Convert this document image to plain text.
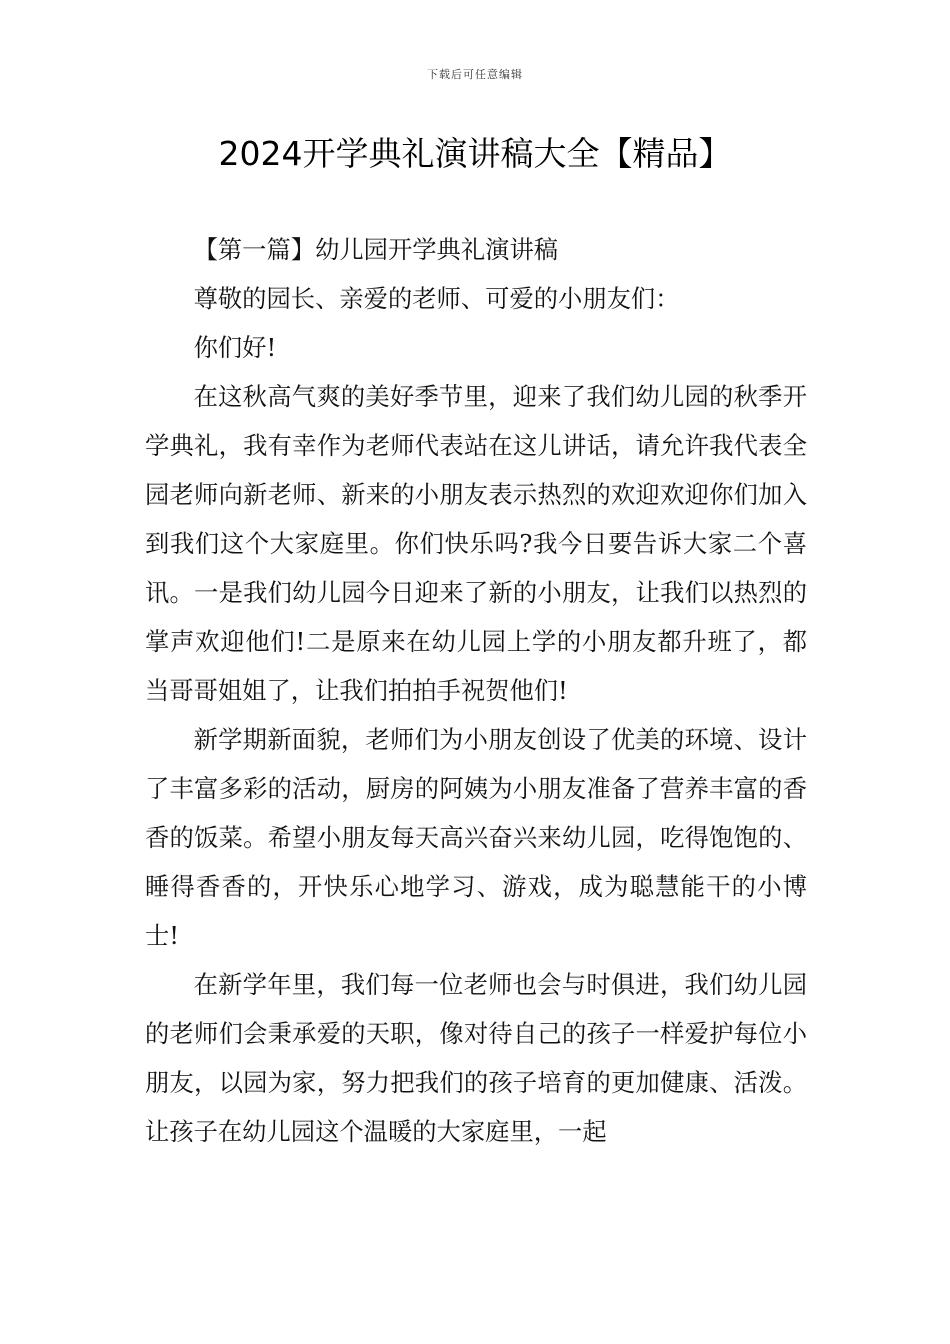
下载后可任意编辑
2024开学典礼演讲稿大全【精品】

【第一篇】幼儿园开学典礼演讲稿

尊敬的园长、亲爱的老师、可爱的小朋友们：

你们好!

在这秋高气爽的美好季节里，迎来了我们幼儿园的秋季开学典礼，我有幸作为老师代表站在这儿讲话，请允许我代表全园老师向新老师、新来的小朋友表示热烈的欢迎欢迎你们加入到我们这个大家庭里。你们快乐吗?我今日要告诉大家二个喜讯。一是我们幼儿园今日迎来了新的小朋友，让我们以热烈的掌声欢迎他们!二是原来在幼儿园上学的小朋友都升班了，都当哥哥姐姐了，让我们拍拍手祝贺他们!

新学期新面貌，老师们为小朋友创设了优美的环境、设计了丰富多彩的活动，厨房的阿姨为小朋友准备了营养丰富的香香的饭菜。希望小朋友每天高兴奋兴来幼儿园，吃得饱饱的、睡得香香的，开快乐心地学习、游戏，成为聪慧能干的小博士!

在新学年里，我们每一位老师也会与时俱进，我们幼儿园的老师们会秉承爱的天职，像对待自己的孩子一样爱护每位小朋友，以园为家，努力把我们的孩子培育的更加健康、活泼。让孩子在幼儿园这个温暖的大家庭里，一起
